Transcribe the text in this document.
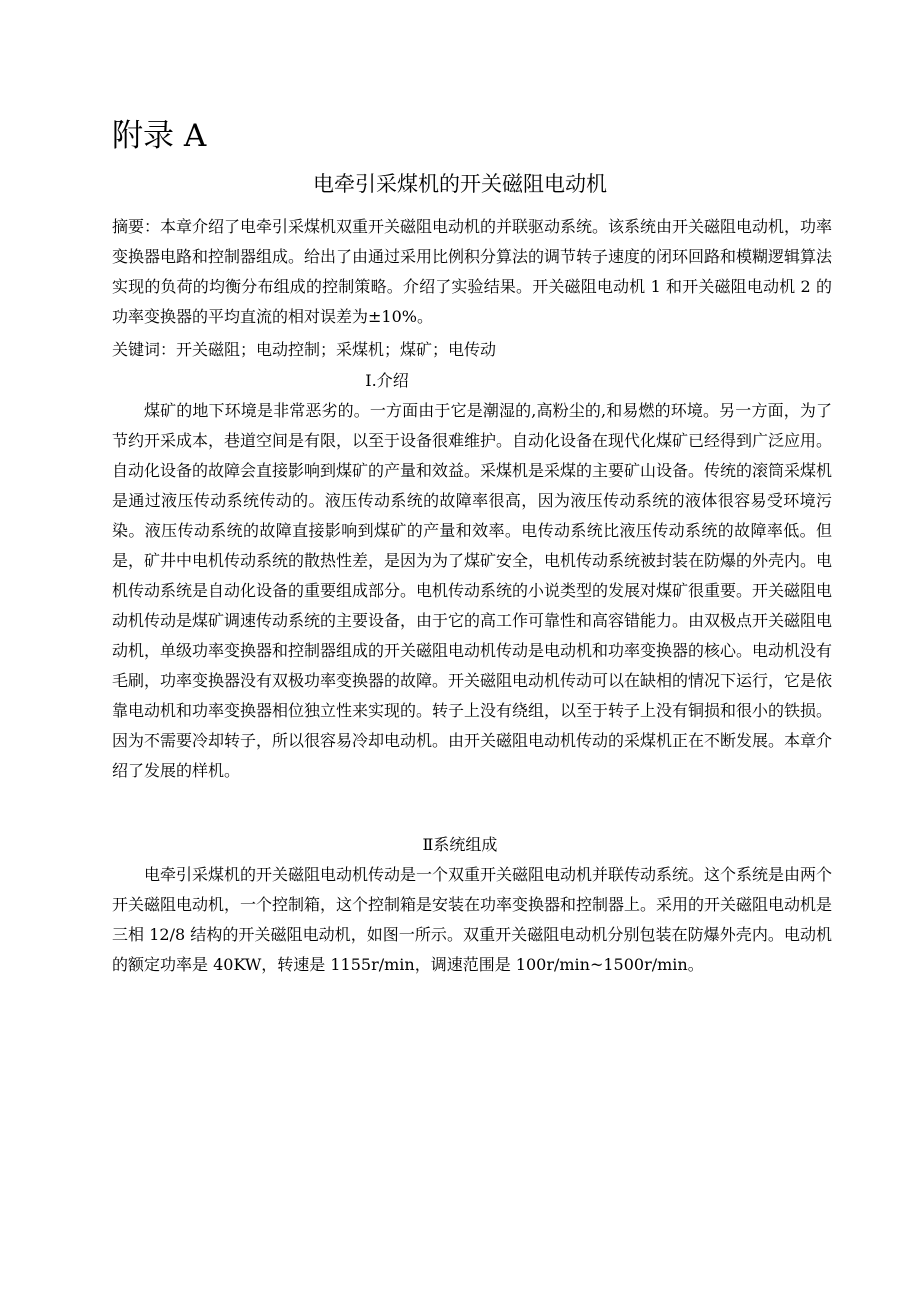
附录 A
电牵引采煤机的开关磁阻电动机

摘要：本章介绍了电牵引采煤机双重开关磁阻电动机的并联驱动系统。该系统由开关磁阻电动机，功率变换器电路和控制器组成。给出了由通过采用比例积分算法的调节转子速度的闭环回路和模糊逻辑算法实现的负荷的均衡分布组成的控制策略。介绍了实验结果。开关磁阻电动机 1 和开关磁阻电动机 2 的功率变换器的平均直流的相对误差为±10%。

关键词：开关磁阻；电动控制；采煤机；煤矿；电传动

Ⅰ.介绍

煤矿的地下环境是非常恶劣的。一方面由于它是潮湿的,高粉尘的,和易燃的环境。另一方面，为了节约开采成本，巷道空间是有限，以至于设备很难维护。自动化设备在现代化煤矿已经得到广泛应用。自动化设备的故障会直接影响到煤矿的产量和效益。采煤机是采煤的主要矿山设备。传统的滚筒采煤机是通过液压传动系统传动的。液压传动系统的故障率很高，因为液压传动系统的液体很容易受环境污染。液压传动系统的故障直接影响到煤矿的产量和效率。电传动系统比液压传动系统的故障率低。但是，矿井中电机传动系统的散热性差，是因为为了煤矿安全，电机传动系统被封装在防爆的外壳内。电机传动系统是自动化设备的重要组成部分。电机传动系统的小说类型的发展对煤矿很重要。开关磁阻电动机传动是煤矿调速传动系统的主要设备，由于它的高工作可靠性和高容错能力。由双极点开关磁阻电动机，单级功率变换器和控制器组成的开关磁阻电动机传动是电动机和功率变换器的核心。电动机没有毛刷，功率变换器没有双极功率变换器的故障。开关磁阻电动机传动可以在缺相的情况下运行，它是依靠电动机和功率变换器相位独立性来实现的。转子上没有绕组，以至于转子上没有铜损和很小的铁损。因为不需要冷却转子，所以很容易冷却电动机。由开关磁阻电动机传动的采煤机正在不断发展。本章介绍了发展的样机。

Ⅱ系统组成

电牵引采煤机的开关磁阻电动机传动是一个双重开关磁阻电动机并联传动系统。这个系统是由两个开关磁阻电动机，一个控制箱，这个控制箱是安装在功率变换器和控制器上。采用的开关磁阻电动机是三相 12/8 结构的开关磁阻电动机，如图一所示。双重开关磁阻电动机分别包装在防爆外壳内。电动机的额定功率是 40KW，转速是 1155r/min，调速范围是 100r/min~1500r/min。
